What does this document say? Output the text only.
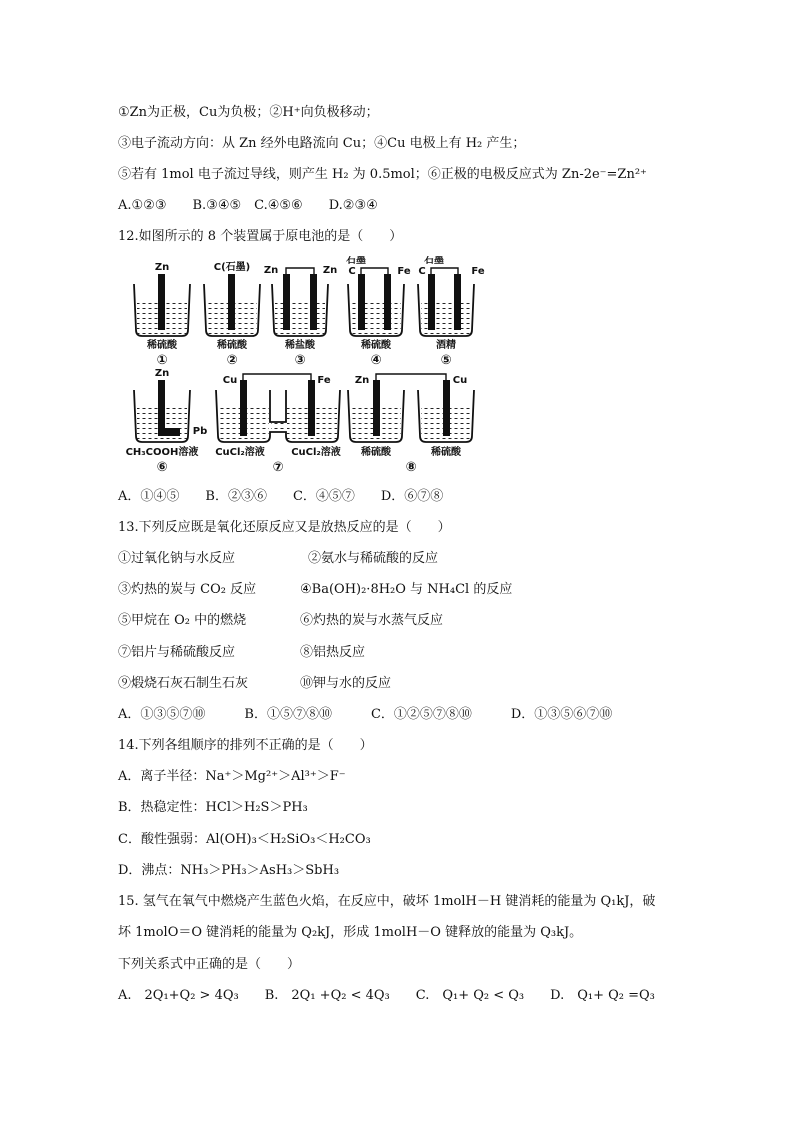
①Zn为正极，Cu为负极；②H⁺向负极移动；
③电子流动方向：从 Zn 经外电路流向 Cu；④Cu 电极上有 H₂ 产生；
⑤若有 1mol 电子流过导线，则产生 H₂ 为 0.5mol；⑥正极的电极反应式为 Zn-2e⁻=Zn²⁺
A.①②③　　B.③④⑤　C.④⑤⑥　　D.②③④
12.如图所示的 8 个装置属于原电池的是（　　）
Zn
稀硫酸
①
C(石墨)
稀硫酸
②
Zn	Zn
稀盐酸
③
石墨
C	Fe
稀硫酸
④
石墨
C	Fe
酒精
⑤
Zn
Pb
CH₃COOH溶液
⑥
Cu	Fe
CuCl₂溶液	CuCl₂溶液
⑦
Zn	Cu
稀硫酸	稀硫酸
⑧
A．①④⑤　　B．②③⑥　　C．④⑤⑦　　D．⑥⑦⑧
13.下列反应既是氧化还原反应又是放热反应的是（　　）
①过氧化钠与水反应	②氨水与稀硫酸的反应
③灼热的炭与 CO₂ 反应	④Ba(OH)₂·8H₂O 与 NH₄Cl 的反应
⑤甲烷在 O₂ 中的燃烧	⑥灼热的炭与水蒸气反应
⑦铝片与稀硫酸反应	⑧铝热反应
⑨煅烧石灰石制生石灰	⑩钾与水的反应
A．①③⑤⑦⑩　　　B．①⑤⑦⑧⑩　　　C．①②⑤⑦⑧⑩　　　D．①③⑤⑥⑦⑩
14.下列各组顺序的排列不正确的是（　　）
A．离子半径：Na⁺＞Mg²⁺＞Al³⁺＞F⁻
B．热稳定性：HCl＞H₂S＞PH₃
C．酸性强弱：Al(OH)₃＜H₂SiO₃＜H₂CO₃
D．沸点：NH₃＞PH₃＞AsH₃＞SbH₃
15. 氢气在氧气中燃烧产生蓝色火焰，在反应中，破坏 1molH－H 键消耗的能量为 Q₁kJ，破
坏 1molO＝O 键消耗的能量为 Q₂kJ，形成 1molH－O 键释放的能量为 Q₃kJ。
下列关系式中正确的是（　　）
A.　2Q₁+Q₂ > 4Q₃　　B.　2Q₁ +Q₂ < 4Q₃　　C.　Q₁+ Q₂ < Q₃　　D.　Q₁+ Q₂ =Q₃
